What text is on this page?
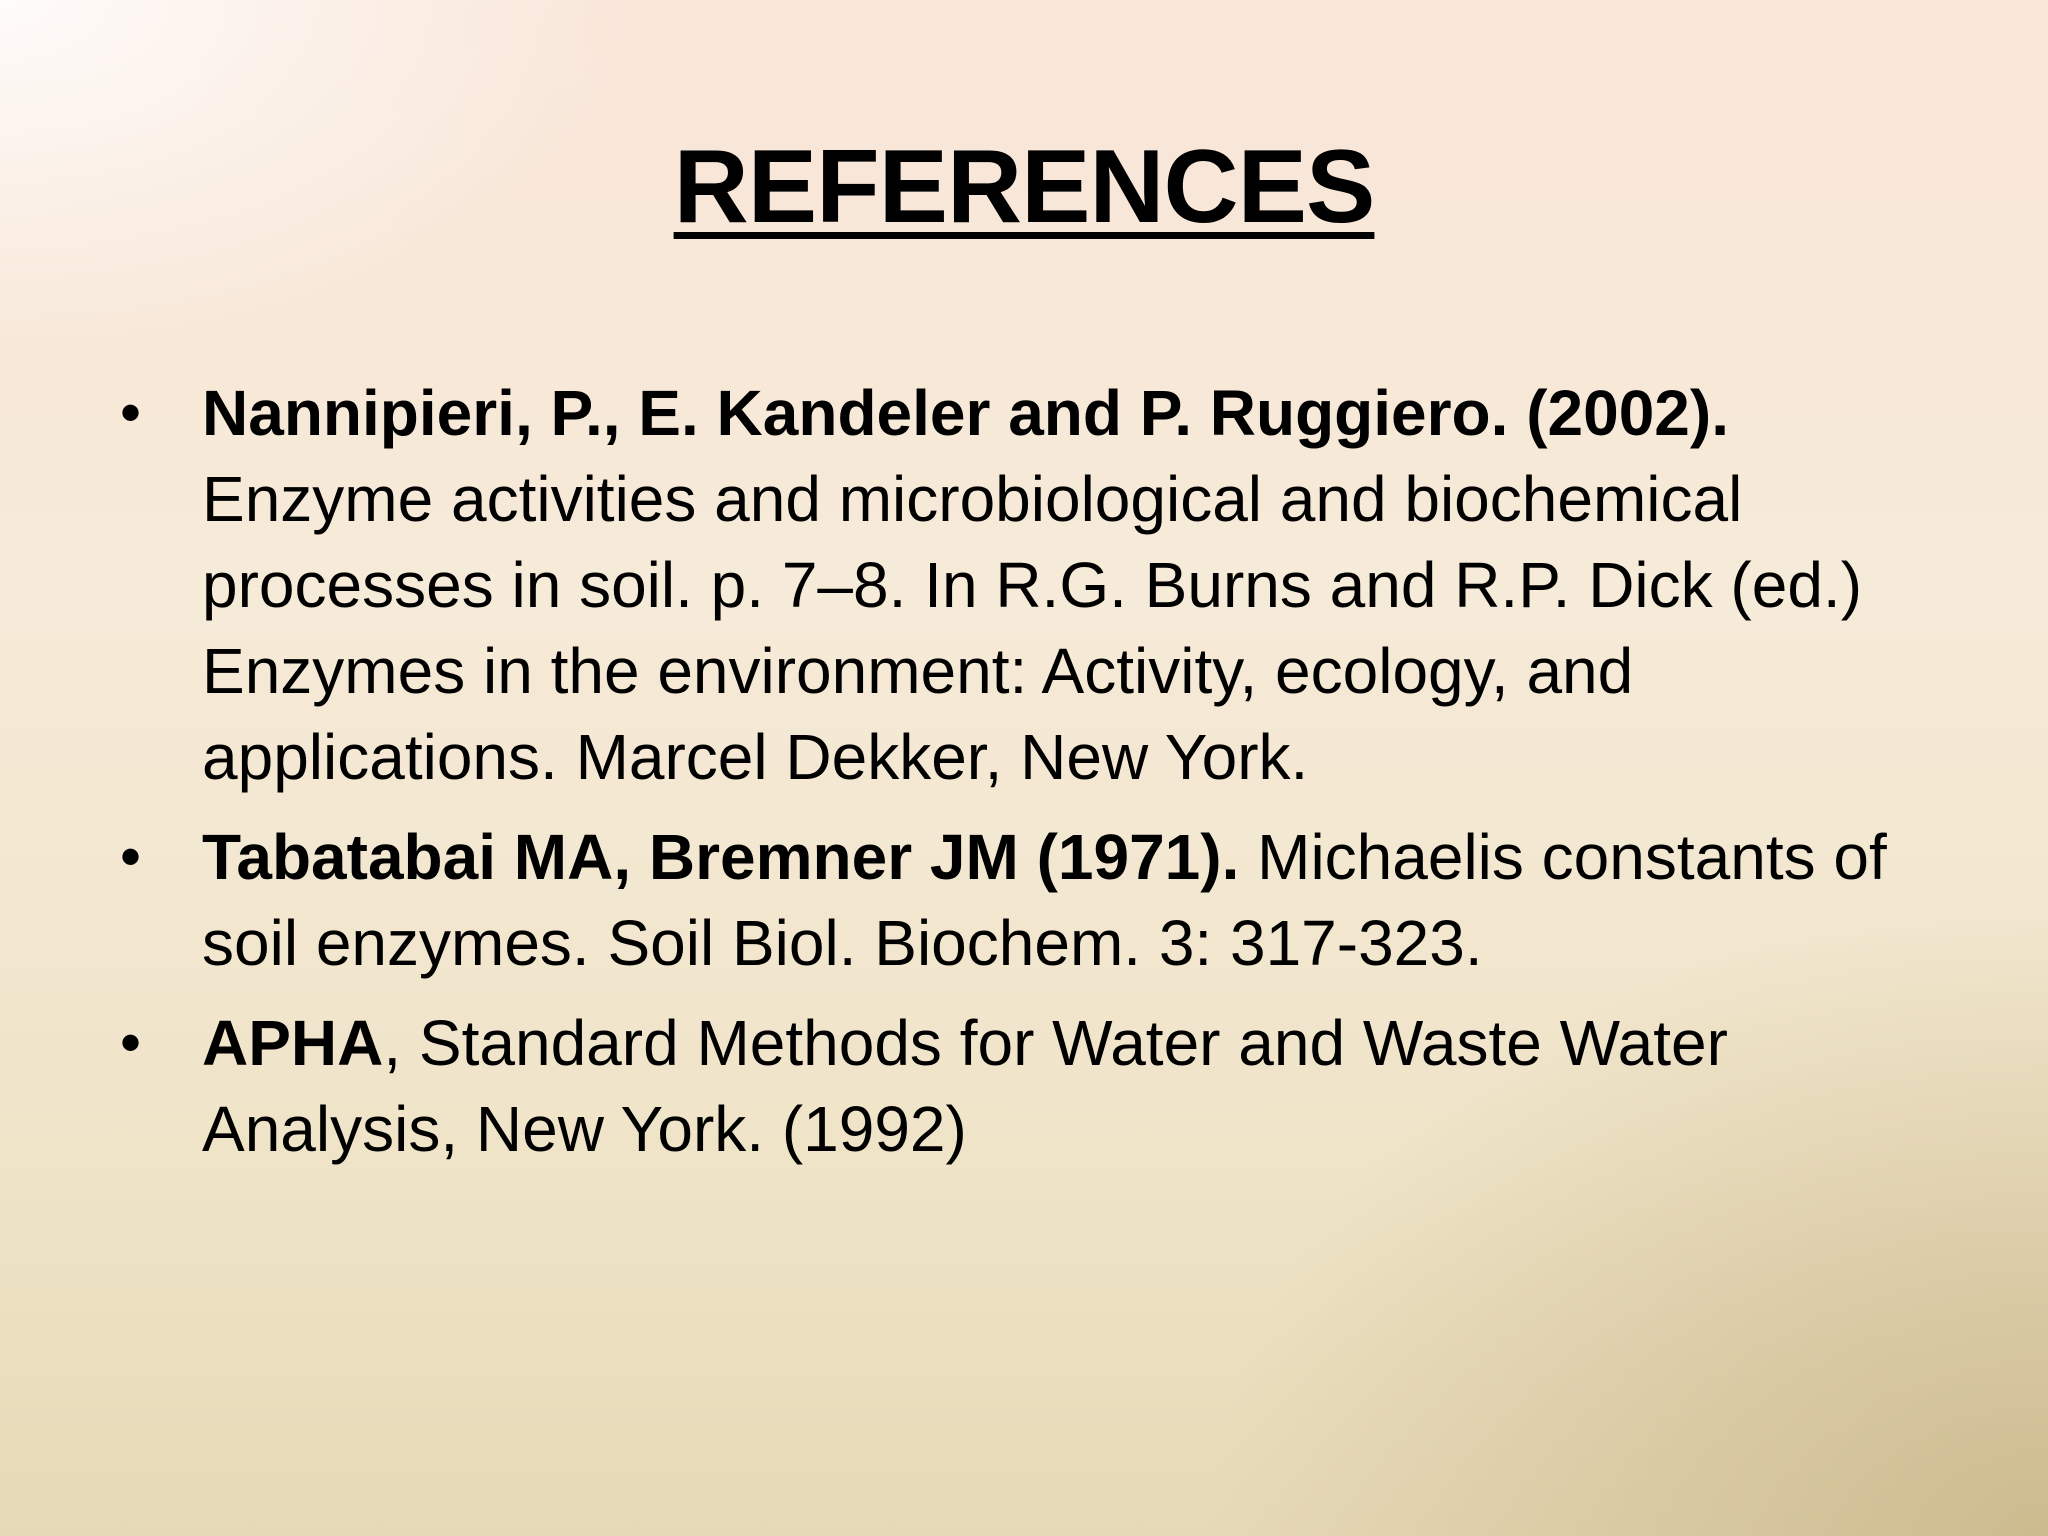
REFERENCES
• Nannipieri, P., E. Kandeler and P. Ruggiero. (2002). Enzyme activities and microbiological and biochemical processes in soil. p. 7–8. In R.G. Burns and R.P. Dick (ed.) Enzymes in the environment: Activity, ecology, and applications. Marcel Dekker, New York.
• Tabatabai MA, Bremner JM (1971). Michaelis constants of soil enzymes. Soil Biol. Biochem. 3: 317-323.
• APHA, Standard Methods for Water and Waste Water Analysis, New York. (1992)
